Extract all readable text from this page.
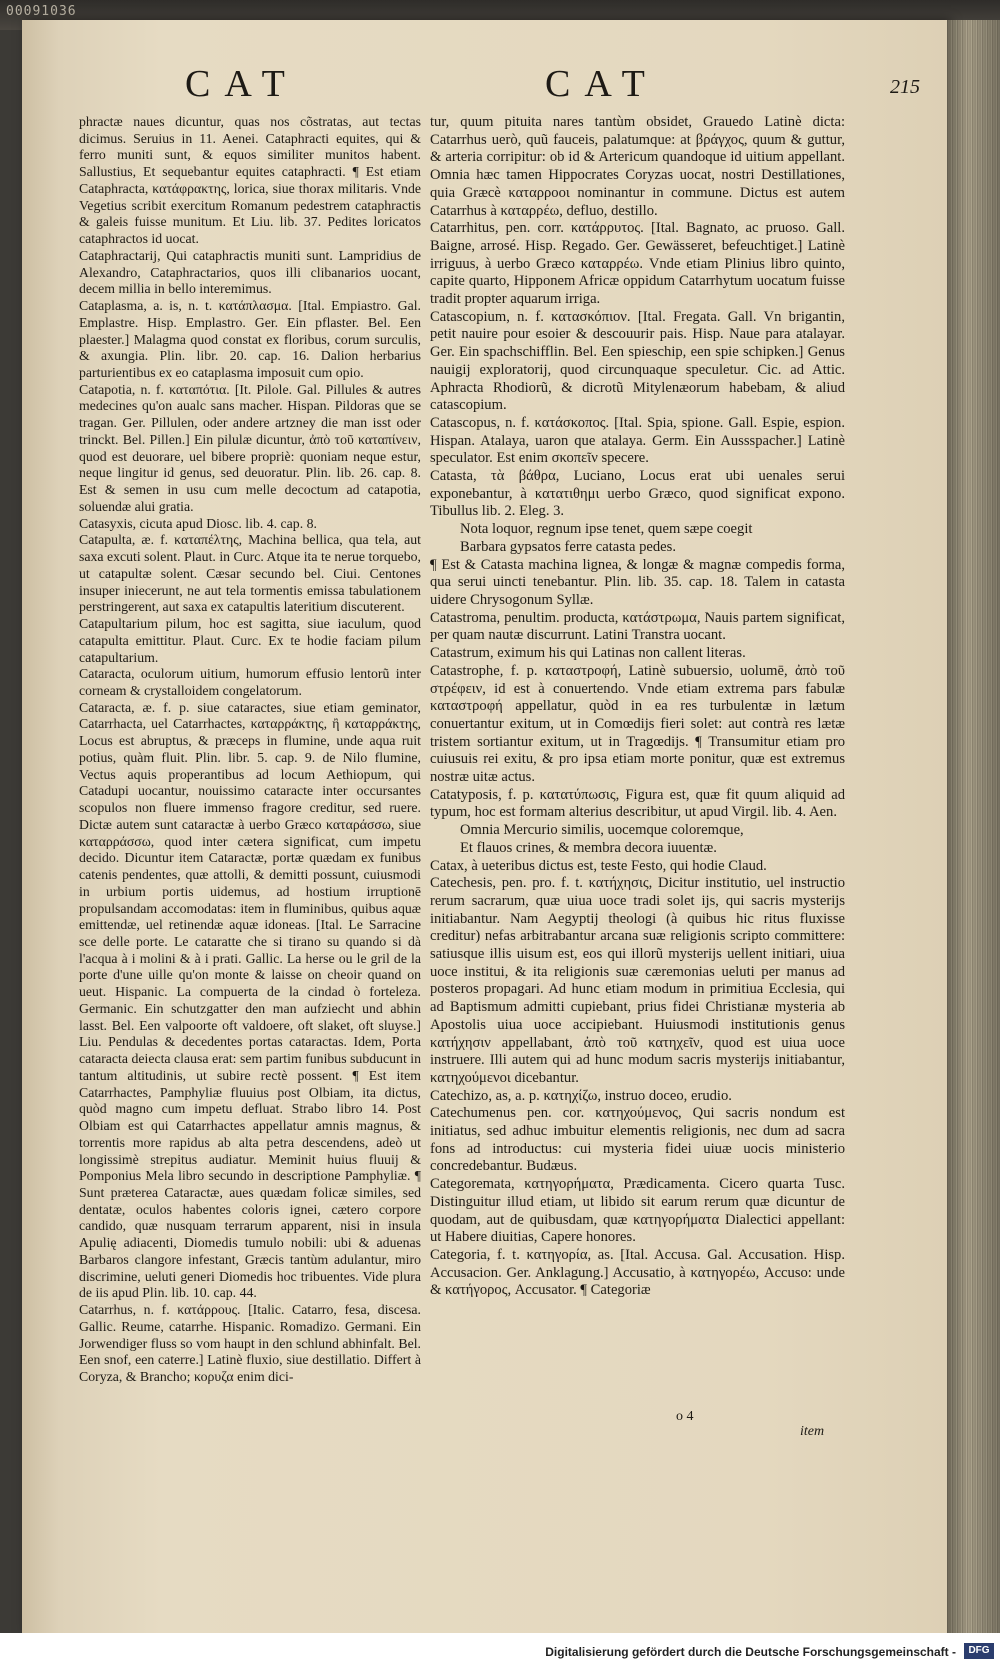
00091036
CAT	CAT	215

phractæ naues dicuntur, quas nos cõstratas, aut tectas dicimus. Seruius in 11. Aenei. Cataphracti equites, qui & ferro muniti sunt, & equos similiter munitos habent. Sallustius, Et sequebantur equites cataphracti. ¶ Est etiam Cataphracta, κατάφρακτης, lorica, siue thorax militaris. Vnde Vegetius scribit exercitum Romanum pedestrem cataphractis & galeis fuisse munitum. Et Liu. lib. 37. Pedites loricatos cataphractos id uocat.

Cataphractarij, Qui cataphractis muniti sunt. Lampridius de Alexandro, Cataphractarios, quos illi clibanarios uocant, decem millia in bello interemimus.

Cataplasma, a. is, n. t. κατάπλασμα. [Ital. Empiastro. Gal. Emplastre. Hisp. Emplastro. Ger. Ein pflaster. Bel. Een plaester.] Malagma quod constat ex floribus, corum surculis, & axungia. Plin. libr. 20. cap. 16. Dalion herbarius parturientibus ex eo cataplasma imposuit cum opio.

Catapotia, n. f. καταπότια. [It. Pilole. Gal. Pillules & autres medecines qu'on aualc sans macher. Hispan. Pildoras que se tragan. Ger. Pillulen, oder andere artzney die man isst oder trinckt. Bel. Pillen.] Ein pilulæ dicuntur, ἀπὸ τοῦ καταπίνειν, quod est deuorare, uel bibere propriè: quoniam neque estur, neque lingitur id genus, sed deuoratur. Plin. lib. 26. cap. 8. Est & semen in usu cum melle decoctum ad catapotia, soluendæ alui gratia.

Catasyxis, cicuta apud Diosc. lib. 4. cap. 8.

Catapulta, æ. f. καταπέλτης, Machina bellica, qua tela, aut saxa excuti solent. Plaut. in Curc. Atque ita te nerue torquebo, ut catapultæ solent. Cæsar secundo bel. Ciui. Centones insuper iniecerunt, ne aut tela tormentis emissa tabulationem perstringerent, aut saxa ex catapultis lateritium discuterent.

Catapultarium pilum, hoc est sagitta, siue iaculum, quod catapulta emittitur. Plaut. Curc. Ex te hodie faciam pilum catapultarium.

Cataracta, oculorum uitium, humorum effusio lentorũ inter corneam & crystalloidem congelatorum.

Cataracta, æ. f. p. siue cataractes, siue etiam geminator, Catarrhacta, uel Catarrhactes, καταρράκτης, ἢ καταρράκτης, Locus est abruptus, & præceps in flumine, unde aqua ruit potius, quàm fluit. Plin. libr. 5. cap. 9. de Nilo flumine, Vectus aquis properantibus ad locum Aethiopum, qui Catadupi uocantur, nouissimo cataracte inter occursantes scopulos non fluere immenso fragore creditur, sed ruere. Dictæ autem sunt cataractæ à uerbo Græco καταράσσω, siue καταρράσσω, quod inter cætera significat, cum impetu decido. Dicuntur item Cataractæ, portæ quædam ex funibus catenis pendentes, quæ attolli, & demitti possunt, cuiusmodi in urbium portis uidemus, ad hostium irruptionē propulsandam accomodatas: item in fluminibus, quibus aquæ emittendæ, uel retinendæ aquæ idoneas. [Ital. Le Sarracine sce delle porte. Le cataratte che si tirano su quando si dà l'acqua à i molini & à i prati. Gallic. La herse ou le gril de la porte d'une uille qu'on monte & laisse on cheoir quand on ueut. Hispanic. La compuerta de la cindad ò forteleza. Germanic. Ein schutzgatter den man aufziecht und abhin lasst. Bel. Een valpoorte oft valdoere, oft slaket, oft sluyse.] Liu. Pendulas & decedentes portas cataractas. Idem, Porta cataracta deiecta clausa erat: sem partim funibus subducunt in tantum altitudinis, ut subire rectè possent. ¶ Est item Catarrhactes, Pamphyliæ fluuius post Olbiam, ita dictus, quòd magno cum impetu defluat. Strabo libro 14. Post Olbiam est qui Catarrhactes appellatur amnis magnus, & torrentis more rapidus ab alta petra descendens, adeò ut longissimè strepitus audiatur. Meminit huius fluuij & Pomponius Mela libro secundo in descriptione Pamphyliæ. ¶ Sunt præterea Cataractæ, aues quædam folicæ similes, sed dentatæ, oculos habentes coloris ignei, cætero corpore candido, quæ nusquam terrarum apparent, nisi in insula Apulię adiacenti, Diomedis tumulo nobili: ubi & aduenas Barbaros clangore infestant, Græcis tantùm adulantur, miro discrimine, ueluti generi Diomedis hoc tribuentes. Vide plura de iis apud Plin. lib. 10. cap. 44.

Catarrhus, n. f. κατάρρους. [Italic. Catarro, fesa, discesa. Gallic. Reume, catarrhe. Hispanic. Romadizo. Germani. Ein Jorwendiger fluss so vom haupt in den schlund abhinfalt. Bel. Een snof, een caterre.] Latinè fluxio, siue destillatio. Differt à Coryza, & Brancho; κορυζα enim dici-

tur, quum pituita nares tantùm obsidet, Grauedo Latinè dicta: Catarrhus uerò, quũ fauceis, palatumque: at βράγχος, quum & guttur, & arteria corripitur: ob id & Artericum quandoque id uitium appellant. Omnia hæc tamen Hippocrates Coryzas uocat, nostri Destillationes, quia Græcè καταρροοι nominantur in commune. Dictus est autem Catarrhus à καταρρέω, defluo, destillo.

Catarrhitus, pen. corr. κατάρρυτος. [Ital. Bagnato, ac pruoso. Gall. Baigne, arrosé. Hisp. Regado. Ger. Gewässeret, befeuchtiget.] Latinè irriguus, à uerbo Græco καταρρέω. Vnde etiam Plinius libro quinto, capite quarto, Hipponem Africæ oppidum Catarrhytum uocatum fuisse tradit propter aquarum irriga.

Catascopium, n. f. κατασκόπιον. [Ital. Fregata. Gall. Vn brigantin, petit nauire pour esoier & descouurir pais. Hisp. Naue para atalayar. Ger. Ein spachschifflin. Bel. Een spieschip, een spie schipken.] Genus nauigij exploratorij, quod circunquaque speculetur. Cic. ad Attic. Aphracta Rhodiorũ, & dicrotũ Mitylenæorum habebam, & aliud catascopium.

Catascopus, n. f. κατάσκοπος. [Ital. Spia, spione. Gall. Espie, espion. Hispan. Atalaya, uaron que atalaya. Germ. Ein Aussspacher.] Latinè speculator. Est enim σκοπεῖν specere.

Catasta, τὰ βάθρα, Luciano, Locus erat ubi uenales serui exponebantur, à κατατιθημι uerbo Græco, quod significat expono. Tibullus lib. 2. Eleg. 3.

Nota loquor, regnum ipse tenet, quem sæpe coegit

Barbara gypsatos ferre catasta pedes.

¶ Est & Catasta machina lignea, & longæ & magnæ compedis forma, qua serui uincti tenebantur. Plin. lib. 35. cap. 18. Talem in catasta uidere Chrysogonum Syllæ.

Catastroma, penultim. producta, κατάστρωμα, Nauis partem significat, per quam nautæ discurrunt. Latini Transtra uocant.

Catastrum, eximum his qui Latinas non callent literas.

Catastrophe, f. p. καταστροφή, Latinè subuersio, uolumē, ἀπὸ τοῦ στρέφειν, id est à conuertendo. Vnde etiam extrema pars fabulæ καταστροφή appellatur, quòd in ea res turbulentæ in lætum conuertantur exitum, ut in Comœdijs fieri solet: aut contrà res lætæ tristem sortiantur exitum, ut in Tragœdijs. ¶ Transumitur etiam pro cuiusuis rei exitu, & pro ipsa etiam morte ponitur, quæ est extremus nostræ uitæ actus.

Catatyposis, f. p. κατατύπωσις, Figura est, quæ fit quum aliquid ad typum, hoc est formam alterius describitur, ut apud Virgil. lib. 4. Aen.

Omnia Mercurio similis, uocemque coloremque,

Et flauos crines, & membra decora iuuentæ.

Catax, à ueteribus dictus est, teste Festo, qui hodie Claud.

Catechesis, pen. pro. f. t. κατήχησις, Dicitur institutio, uel instructio rerum sacrarum, quæ uiua uoce tradi solet ijs, qui sacris mysterijs initiabantur. Nam Aegyptij theologi (à quibus hic ritus fluxisse creditur) nefas arbitrabantur arcana suæ religionis scripto committere: satiusque illis uisum est, eos qui illorũ mysterijs uellent initiari, uiua uoce institui, & ita religionis suæ cæremonias ueluti per manus ad posteros propagari. Ad hunc etiam modum in primitiua Ecclesia, qui ad Baptismum admitti cupiebant, prius fidei Christianæ mysteria ab Apostolis uiua uoce accipiebant. Huiusmodi institutionis genus κατήχησιν appellabant, ἀπὸ τοῦ κατηχεῖν, quod est uiua uoce instruere. Illi autem qui ad hunc modum sacris mysterijs initiabantur, κατηχούμενοι dicebantur.

Catechizo, as, a. p. κατηχίζω, instruo doceo, erudio.

Catechumenus pen. cor. κατηχούμενος, Qui sacris nondum est initiatus, sed adhuc imbuitur elementis religionis, nec dum ad sacra fons ad introductus: cui mysteria fidei uiuæ uocis ministerio concredebantur. Budæus.

Categoremata, κατηγορήματα, Prædicamenta. Cicero quarta Tusc. Distinguitur illud etiam, ut libido sit earum rerum quæ dicuntur de quodam, aut de quibusdam, quæ κατηγορήματα Dialectici appellant: ut Habere diuitias, Capere honores.

Categoria, f. t. κατηγορία, as. [Ital. Accusa. Gal. Accusation. Hisp. Accusacion. Ger. Anklagung.] Accusatio, à κατηγορέω, Accuso: unde & κατήγορος, Accusator. ¶ Categoriæ

o 4
item
Digitalisierung gefördert durch die Deutsche Forschungsgemeinschaft -	DFG
